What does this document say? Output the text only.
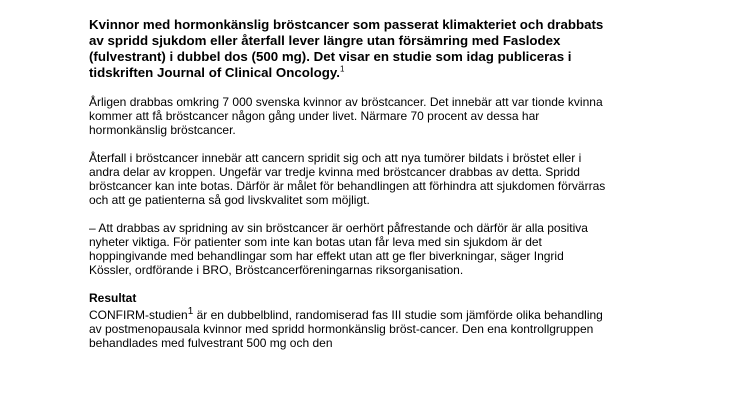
Kvinnor med hormonkänslig bröstcancer som passerat klimakteriet och drabbats av spridd sjukdom eller återfall lever längre utan försämring med Faslodex (fulvestrant) i dubbel dos (500 mg). Det visar en studie som idag publiceras i tidskriften Journal of Clinical Oncology.$^1$

Årligen drabbas omkring 7 000 svenska kvinnor av bröstcancer. Det innebär att var tionde kvinna kommer att få bröstcancer någon gång under livet. Närmare 70 procent av dessa har hormonkänslig bröstcancer.

Återfall i bröstcancer innebär att cancern spridit sig och att nya tumörer bildats i bröstet eller i andra delar av kroppen. Ungefär var tredje kvinna med bröstcancer drabbas av detta. Spridd bröstcancer kan inte botas. Därför är målet för behandlingen att förhindra att sjukdomen förvärras och att ge patienterna så god livskvalitet som möjligt.

– Att drabbas av spridning av sin bröstcancer är oerhört påfrestande och därför är alla positiva nyheter viktiga. För patienter som inte kan botas utan får leva med sin sjukdom är det hoppingivande med behandlingar som har effekt utan att ge fler biverkningar, säger Ingrid Kössler, ordförande i BRO, Bröstcancerföreningarnas riksorganisation.

Resultat

CONFIRM-studien$^1$ är en dubbelblind, randomiserad fas III studie som jämförde olika behandling av postmenopausala kvinnor med spridd hormonkänslig bröst-cancer. Den ena kontrollgruppen behandlades med fulvestrant 500 mg och den
